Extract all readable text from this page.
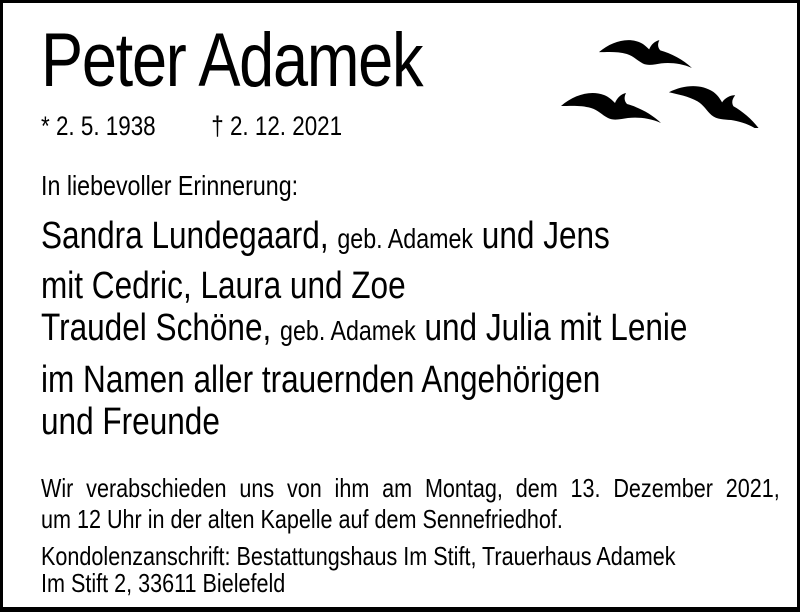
Peter Adamek
* 2. 5. 1938 † 2. 12. 2021

In liebevoller Erinnerung:

Sandra Lundegaard, geb. Adamek und Jens
mit Cedric, Laura und Zoe
Traudel Schöne, geb. Adamek und Julia mit Lenie
im Namen aller trauernden Angehörigen
und Freunde
Wir verabschieden uns von ihm am Montag, dem 13. Dezember 2021,
um 12 Uhr in der alten Kapelle auf dem Sennefriedhof.
Kondolenzanschrift: Bestattungshaus Im Stift, Trauerhaus Adamek
Im Stift 2, 33611 Bielefeld
